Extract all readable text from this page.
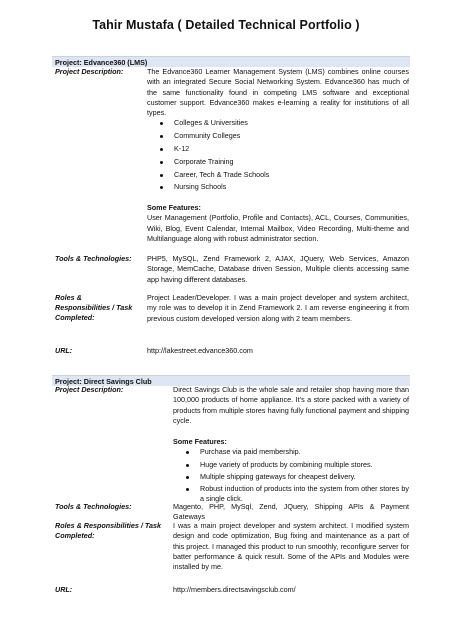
Tahir Mustafa ( Detailed Technical Portfolio )
Project: Edvance360 (LMS)
Project Description:	The Edvance360 Learner Management System (LMS) combines online courses with an integrated Secure Social Networking System. Edvance360 has much of the same functionality found in competing LMS software and exceptional customer support. Edvance360 makes e-learning a reality for institutions of all types.
Colleges & Universities
Community Colleges
K-12
Corporate Training
Career, Tech & Trade Schools
Nursing Schools
Some Features:
User Management (Portfolio, Profile and Contacts), ACL, Courses, Communities, Wiki, Blog, Event Calendar, Internal Mailbox, Video Recording, Multi-theme and Multilanguage along with robust administrator section.
Tools & Technologies: PHP5, MySQL, Zend Framework 2, AJAX, JQuery, Web Services, Amazon Storage, MemCache, Database driven Session, Multiple clients accessing same app having different databases.
Roles &
Responsibilities / Task
Completed:
Project Leader/Developer. I was a main project developer and system architect, my role was to develop it in Zend Framework 2. I am reverse engineering it from previous custom developed version along with 2 team members.
URL:	http://lakestreet.edvance360.com
Project: Direct Savings Club
Project Description:	Direct Savings Club is the whole sale and retailer shop having more than 100,000 products of home appliance. It’s a store packed with a variety of products from multiple stores having fully functional payment and shipping cycle.
Some Features:
Purchase via paid membership.
Huge variety of products by combining multiple stores.
Multiple shipping gateways for cheapest delivery.
Robust induction of products into the system from other stores by a single click.
Tools & Technologies:	Magento, PHP, MySql, Zend, JQuery, Shipping APIs & Payment Gateways
Roles & Responsibilities / Task
Completed:
I was a main project developer and system architect. I modified system design and code optimization, Bug fixing and maintenance as a part of this project. I managed this product to run smoothly, reconfigure server for batter performance & quick result. Some of the APIs and Modules were installed by me.
URL:	http://members.directsavingsclub.com/
